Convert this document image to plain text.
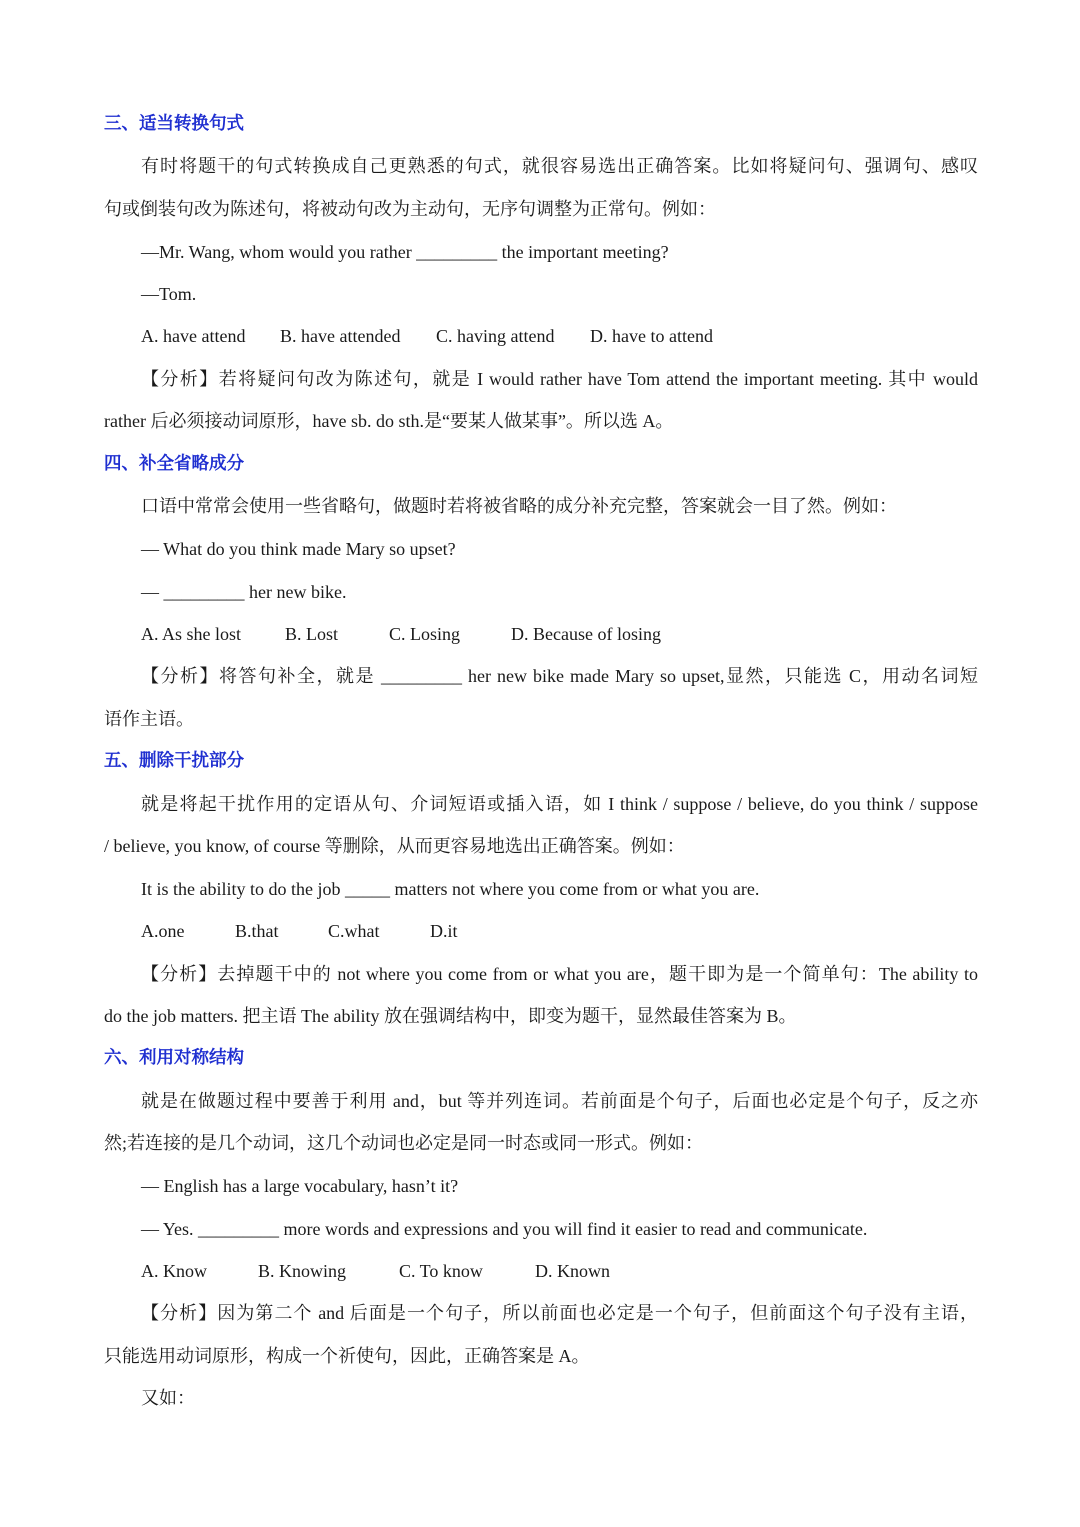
三、适当转换句式
有时将题干的句式转换成自己更熟悉的句式，就很容易选出正确答案。比如将疑问句、强调句、感叹
句或倒装句改为陈述句，将被动句改为主动句，无序句调整为正常句。例如：
—Mr. Wang, whom would you rather _________ the important meeting?
—Tom.
A. have attend B. have attended C. having attend D. have to attend
【分析】若将疑问句改为陈述句，就是 I would rather have Tom attend the important meeting. 其中 would
rather 后必须接动词原形，have sb. do sth.是“要某人做某事”。所以选 A。
四、补全省略成分
口语中常常会使用一些省略句，做题时若将被省略的成分补充完整，答案就会一目了然。例如：
— What do you think made Mary so upset?
— _________ her new bike.
A. As she lost B. Lost	C. Losing	D. Because of losing
【分析】将答句补全，就是 _________ her new bike made Mary so upset,显然，只能选 C，用动名词短
语作主语。
五、删除干扰部分
就是将起干扰作用的定语从句、介词短语或插入语，如 I think / suppose / believe, do you think / suppose
/ believe, you know, of course 等删除，从而更容易地选出正确答案。例如：
It is the ability to do the job _____ matters not where you come from or what you are.
A.one	B.that	C.what	D.it
【分析】去掉题干中的 not where you come from or what you are，题干即为是一个简单句：The ability to
do the job matters. 把主语 The ability 放在强调结构中，即变为题干，显然最佳答案为 B。
六、利用对称结构
就是在做题过程中要善于利用 and，but 等并列连词。若前面是个句子，后面也必定是个句子，反之亦
然;若连接的是几个动词，这几个动词也必定是同一时态或同一形式。例如：
— English has a large vocabulary, hasn’t it?
— Yes. _________ more words and expressions and you will find it easier to read and communicate.
A. Know	B. Knowing	C. To know	D. Known
【分析】因为第二个 and 后面是一个句子，所以前面也必定是一个句子，但前面这个句子没有主语，
只能选用动词原形，构成一个祈使句，因此，正确答案是 A。
又如：
